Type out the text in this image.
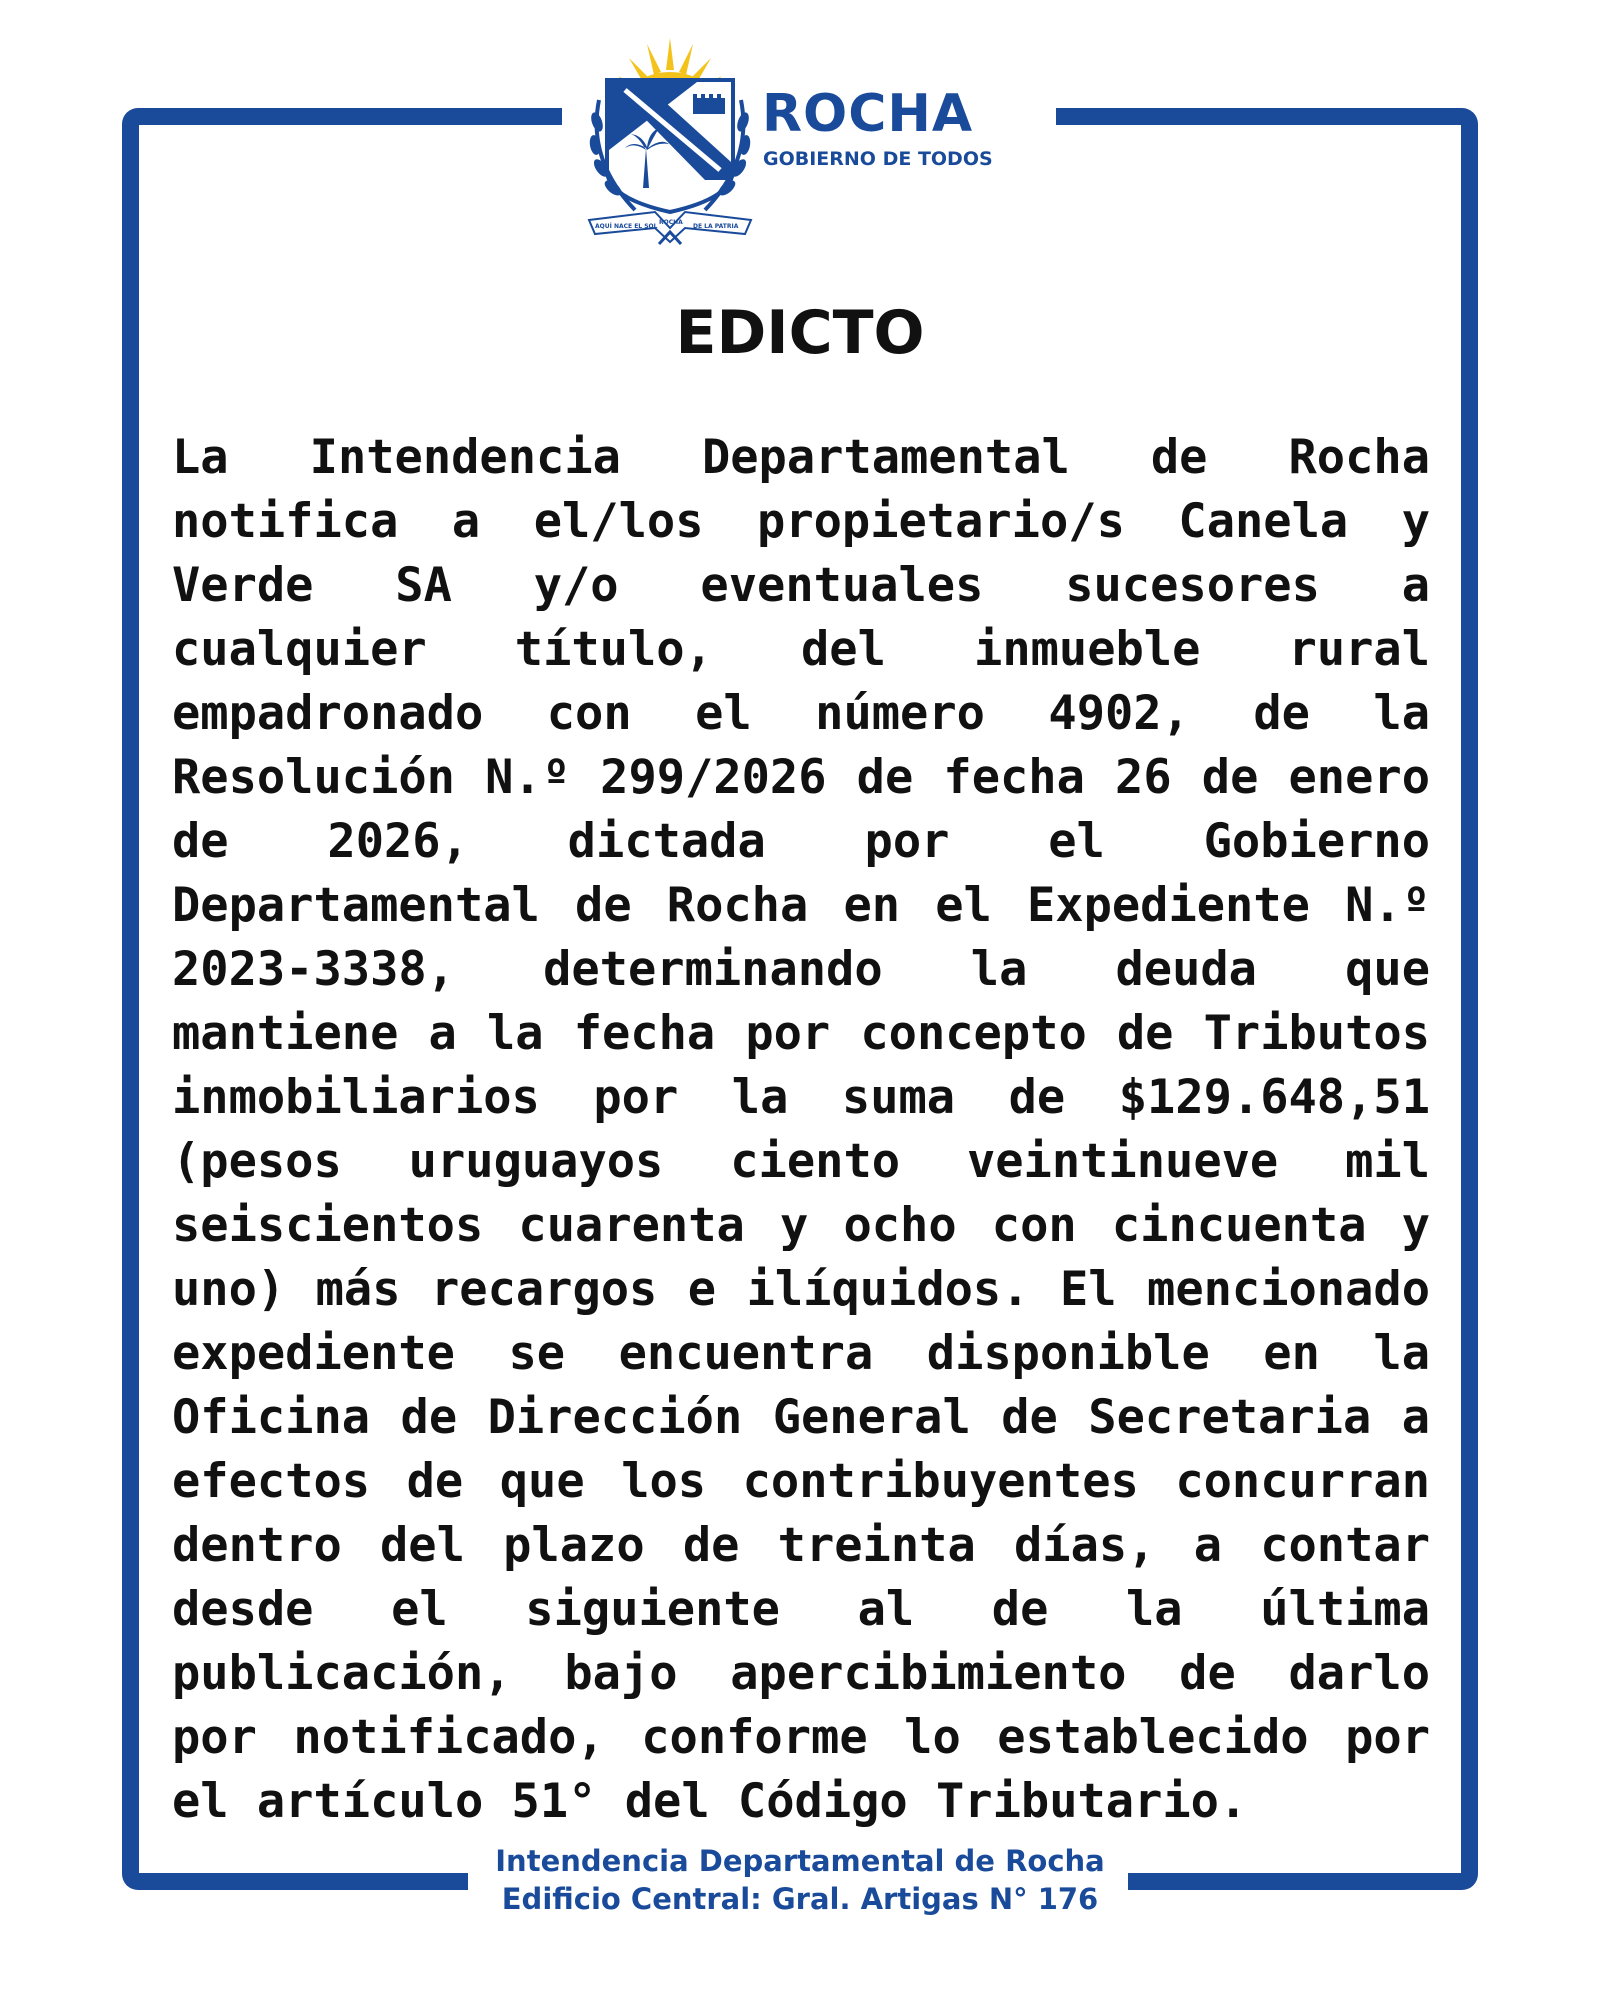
AQUÍ NACE EL SOL
ROCHA
DE LA PATRIA
ROCHA
GOBIERNO DE TODOS
EDICTO

La Intendencia Departamental de Rocha notifica a el/los propietario/s Canela y Verde SA y/o eventuales sucesores a cualquier título, del inmueble rural empadronado con el número 4902, de la Resolución N.º 299/2026 de fecha 26 de enero de 2026, dictada por el Gobierno Departamental de Rocha en el Expediente N.º 2023-3338, determinando la deuda que mantiene a la fecha por concepto de Tributos inmobiliarios por la suma de $129.648,51 (pesos uruguayos ciento veintinueve mil seiscientos cuarenta y ocho con cincuenta y uno) más recargos e ilíquidos. El mencionado expediente se encuentra disponible en la Oficina de Dirección General de Secretaria a efectos de que los contribuyentes concurran dentro del plazo de treinta días, a contar desde el siguiente al de la última publicación, bajo apercibimiento de darlo por notificado, conforme lo establecido por el artículo 51° del Código Tributario.

Intendencia Departamental de Rocha
Edificio Central: Gral. Artigas N° 176
